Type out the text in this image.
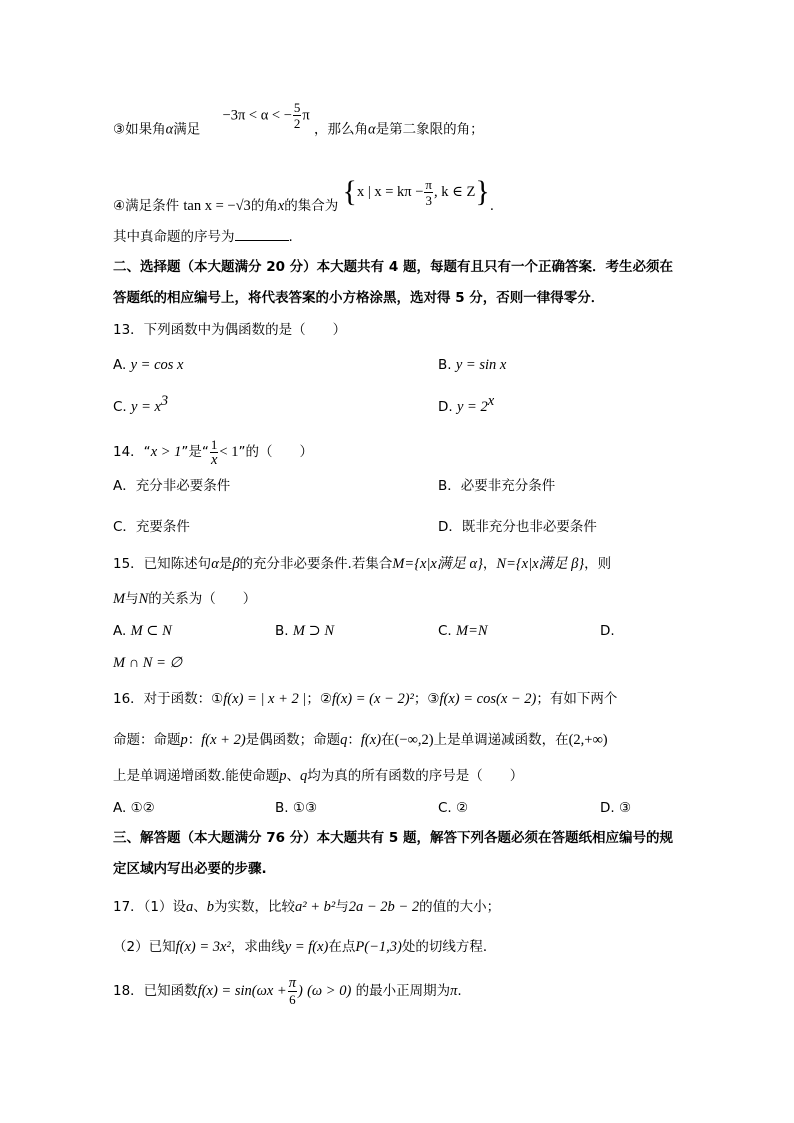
③如果角α满足 −3π < α < − $\frac{5}{2}$ π ，那么角α是第二象限的角；
④满足条件 tan x = −√3的角x的集合为 {x | $x = k\pi - \frac{\pi}{3}$ , k ∈ Z}.
其中真命题的序号为	.
二、选择题（本大题满分 20 分）本大题共有 4 题，每题有且只有一个正确答案．考生必须在
答题纸的相应编号上，将代表答案的小方格涂黑，选对得 5 分，否则一律得零分．
13．下列函数中为偶函数的是（　　）
A. y = cos x	B. y = sin x
C. $y = x^3$	D. $y = 2^x$
14．“x > 1”是“ $\frac{1}{x} < 1$”的（　　）
A．充分非必要条件	B．必要非充分条件
C．充要条件	D．既非充分也非必要条件
15．已知陈述句α是β的充分非必要条件.若集合M={x|x满足 α}，N={x|x满足 β}，则
M与N的关系为（　　）
A. M ⊂ N	B. M ⊃ N	C. M=N	D.
M ∩ N = ∅
16．对于函数：①f(x) = | x + 2 |；②f(x) = (x − 2)²；③f(x) = cos(x − 2)；有如下两个
命题：命题p：f(x + 2)是偶函数；命题q：f(x)在(−∞,2)上是单调递减函数，在(2,+∞)
上是单调递增函数.能使命题p、q均为真的所有函数的序号是（　　）
A. ①②	B. ①③	C. ②	D. ③
三、解答题（本大题满分 76 分）本大题共有 5 题，解答下列各题必须在答题纸相应编号的规
定区域内写出必要的步骤.
17．（1）设a、b为实数，比较a² + b²与2a − 2b − 2的值的大小；
（2）已知f(x) = 3x²，求曲线y = f(x)在点P(−1,3)处的切线方程．
18．已知函数$f(x) = \sin(\omega x + \frac{\pi}{6}$ ) (ω > 0) 的最小正周期为π.
